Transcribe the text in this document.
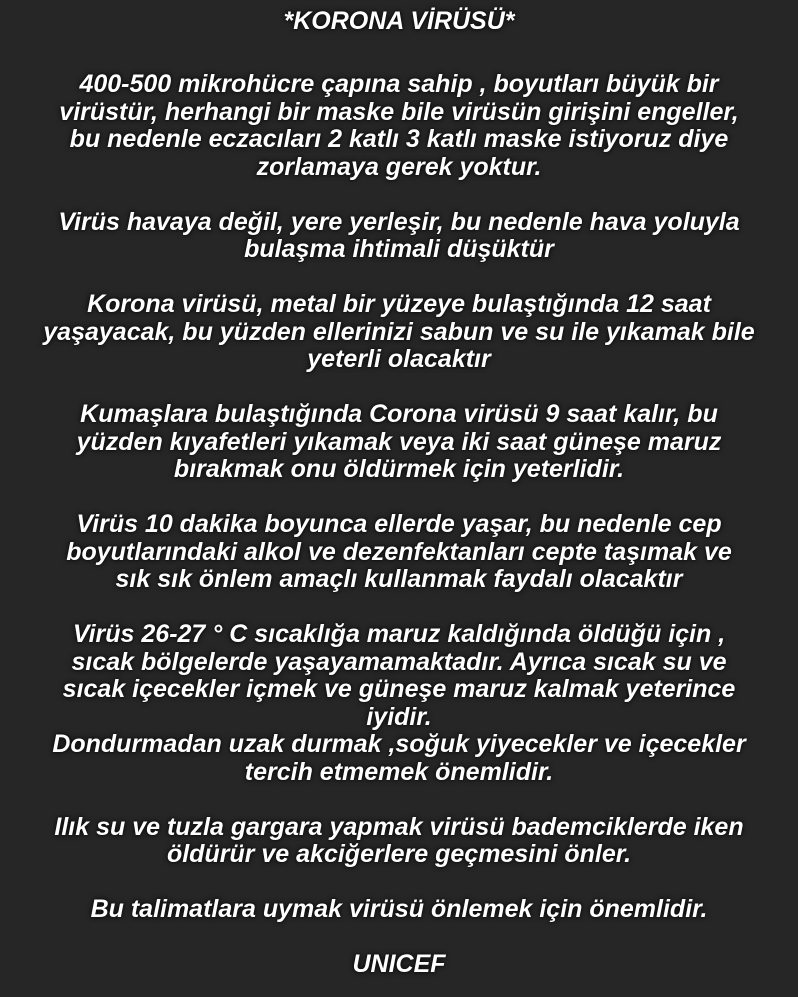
*KORONA VİRÜSÜ*
400-500 mikrohücre çapına sahip , boyutları büyük bir
virüstür, herhangi bir maske bile virüsün girişini engeller,
bu nedenle eczacıları 2 katlı 3 katlı maske istiyoruz diye
zorlamaya gerek yoktur.
Virüs havaya değil, yere yerleşir, bu nedenle hava yoluyla
bulaşma ihtimali düşüktür
Korona virüsü, metal bir yüzeye bulaştığında 12 saat
yaşayacak, bu yüzden ellerinizi sabun ve su ile yıkamak bile
yeterli olacaktır
Kumaşlara bulaştığında Corona virüsü 9 saat kalır, bu
yüzden kıyafetleri yıkamak veya iki saat güneşe maruz
bırakmak onu öldürmek için yeterlidir.
Virüs 10 dakika boyunca ellerde yaşar, bu nedenle cep
boyutlarındaki alkol ve dezenfektanları cepte taşımak ve
sık sık önlem amaçlı kullanmak faydalı olacaktır
Virüs 26-27 ° C sıcaklığa maruz kaldığında öldüğü için ,
sıcak bölgelerde yaşayamamaktadır. Ayrıca sıcak su ve
sıcak içecekler içmek ve güneşe maruz kalmak yeterince
iyidir.
Dondurmadan uzak durmak ,soğuk yiyecekler ve içecekler
tercih etmemek önemlidir.
Ilık su ve tuzla gargara yapmak virüsü bademciklerde iken
öldürür ve akciğerlere geçmesini önler.
Bu talimatlara uymak virüsü önlemek için önemlidir.
UNICEF
